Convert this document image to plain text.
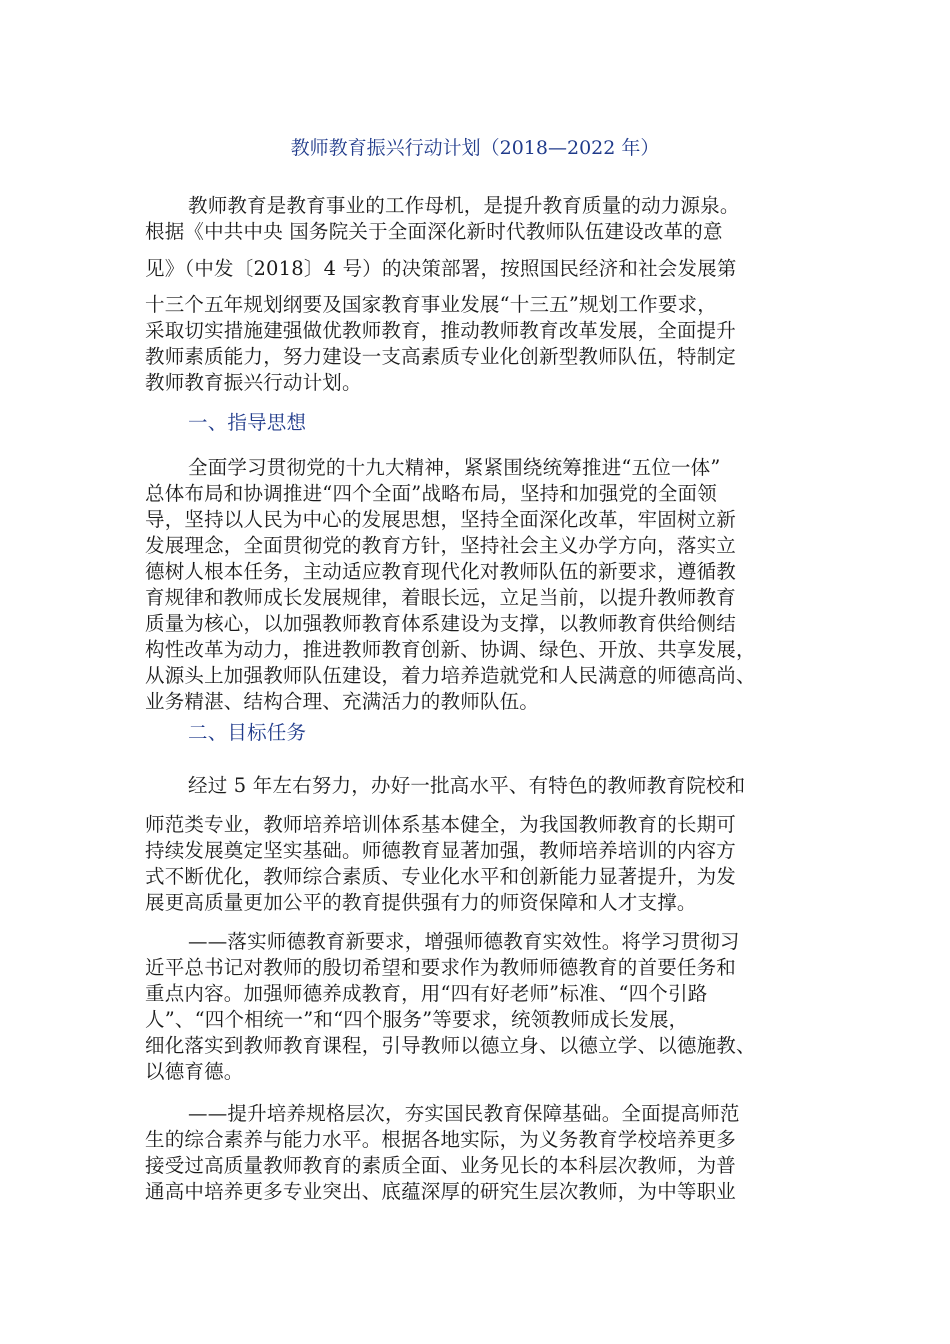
教师教育振兴行动计划（2018—2022 年）
教师教育是教育事业的工作母机，是提升教育质量的动力源泉。
根据《中共中央 国务院关于全面深化新时代教师队伍建设改革的意
见》（中发〔2018〕4 号）的决策部署，按照国民经济和社会发展第
十三个五年规划纲要及国家教育事业发展“十三五”规划工作要求，
采取切实措施建强做优教师教育，推动教师教育改革发展，全面提升
教师素质能力，努力建设一支高素质专业化创新型教师队伍，特制定
教师教育振兴行动计划。
一、指导思想
全面学习贯彻党的十九大精神，紧紧围绕统筹推进“五位一体”
总体布局和协调推进“四个全面”战略布局，坚持和加强党的全面领
导，坚持以人民为中心的发展思想，坚持全面深化改革，牢固树立新
发展理念，全面贯彻党的教育方针，坚持社会主义办学方向，落实立
德树人根本任务，主动适应教育现代化对教师队伍的新要求，遵循教
育规律和教师成长发展规律，着眼长远，立足当前，以提升教师教育
质量为核心，以加强教师教育体系建设为支撑，以教师教育供给侧结
构性改革为动力，推进教师教育创新、协调、绿色、开放、共享发展，
从源头上加强教师队伍建设，着力培养造就党和人民满意的师德高尚、
业务精湛、结构合理、充满活力的教师队伍。
二、目标任务
经过 5 年左右努力，办好一批高水平、有特色的教师教育院校和
师范类专业，教师培养培训体系基本健全，为我国教师教育的长期可
持续发展奠定坚实基础。师德教育显著加强，教师培养培训的内容方
式不断优化，教师综合素质、专业化水平和创新能力显著提升，为发
展更高质量更加公平的教育提供强有力的师资保障和人才支撑。
——落实师德教育新要求，增强师德教育实效性。将学习贯彻习
近平总书记对教师的殷切希望和要求作为教师师德教育的首要任务和
重点内容。加强师德养成教育，用“四有好老师”标准、“四个引路
人”、“四个相统一”和“四个服务”等要求，统领教师成长发展，
细化落实到教师教育课程，引导教师以德立身、以德立学、以德施教、
以德育德。
——提升培养规格层次，夯实国民教育保障基础。全面提高师范
生的综合素养与能力水平。根据各地实际，为义务教育学校培养更多
接受过高质量教师教育的素质全面、业务见长的本科层次教师，为普
通高中培养更多专业突出、底蕴深厚的研究生层次教师，为中等职业
